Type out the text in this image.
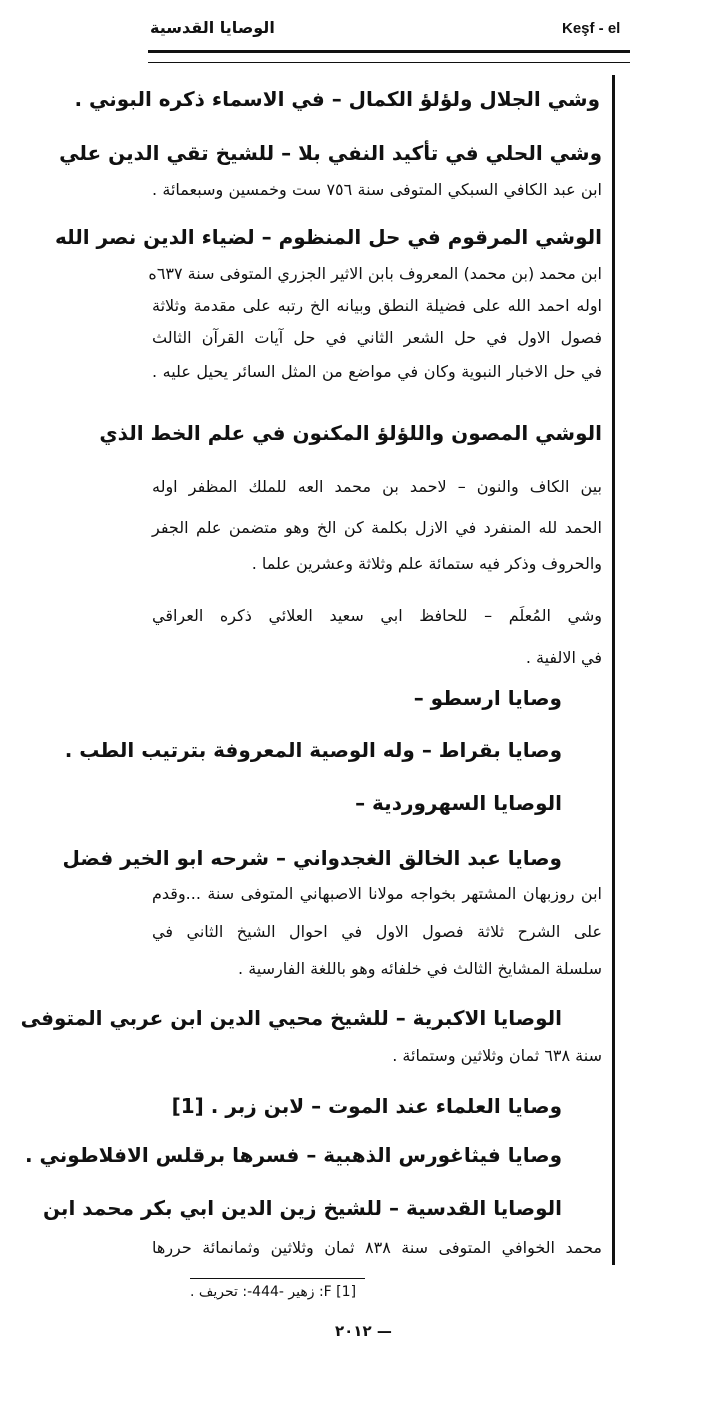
الوصايا القدسية	Keşf - el
وشي الجلال ولؤلؤ الكمال – في الاسماء ذكره البوني .
وشي الحلي في تأكيد النفي بلا – للشيخ تقي الدين علي
ابن عبد الكافي السبكي المتوفى سنة ٧٥٦ ست وخمسين وسبعمائة .
الوشي المرقوم في حل المنظوم – لضياء الدين نصر الله
ابن محمد (بن محمد) المعروف بابن الاثير الجزري المتوفى سنة ٦٣٧ه
اوله احمد الله على فضيلة النطق وبيانه الخ رتبه على مقدمة وثلاثة
فصول الاول في حل الشعر الثاني في حل آيات القرآن الثالث
في حل الاخبار النبوية وكان في مواضع من المثل السائر يحيل عليه .
الوشي المصون واللؤلؤ المكنون في علم الخط الذي
بين الكاف والنون – لاحمد بن محمد العه للملك المظفر اوله
الحمد لله المنفرد في الازل بكلمة كن الخ وهو متضمن علم الجفر
والحروف وذكر فيه ستمائة علم وثلاثة وعشرين علما .
وشي المُعلَم – للحافظ ابي سعيد العلائي ذكره العراقي
في الالفية .
وصايا ارسطو –
وصايا بقراط – وله الوصية المعروفة بترتيب الطب .
الوصايا السهروردية –
وصايا عبد الخالق الغجدواني – شرحه ابو الخير فضل
ابن روزبهان المشتهر بخواجه مولانا الاصبهاني المتوفى سنة ...وقدم
على الشرح ثلاثة فصول الاول في احوال الشيخ الثاني في
سلسلة المشايخ الثالث في خلفائه وهو باللغة الفارسية .
الوصايا الاكبرية – للشيخ محيي الدين ابن عربي المتوفى
سنة ٦٣٨ ثمان وثلاثين وستمائة .
وصايا العلماء عند الموت – لابن زبر . [1]
وصايا فيثاغورس الذهبية – فسرها برقلس الافلاطوني .
الوصايا القدسية – للشيخ زين الدين ابي بكر محمد ابن
محمد الخوافي المتوفى سنة ٨٣٨ ثمان وثلاثين وثمانمائة حررها
[1] F: زهير -444-: تحريف .
— ٢٠١٢
